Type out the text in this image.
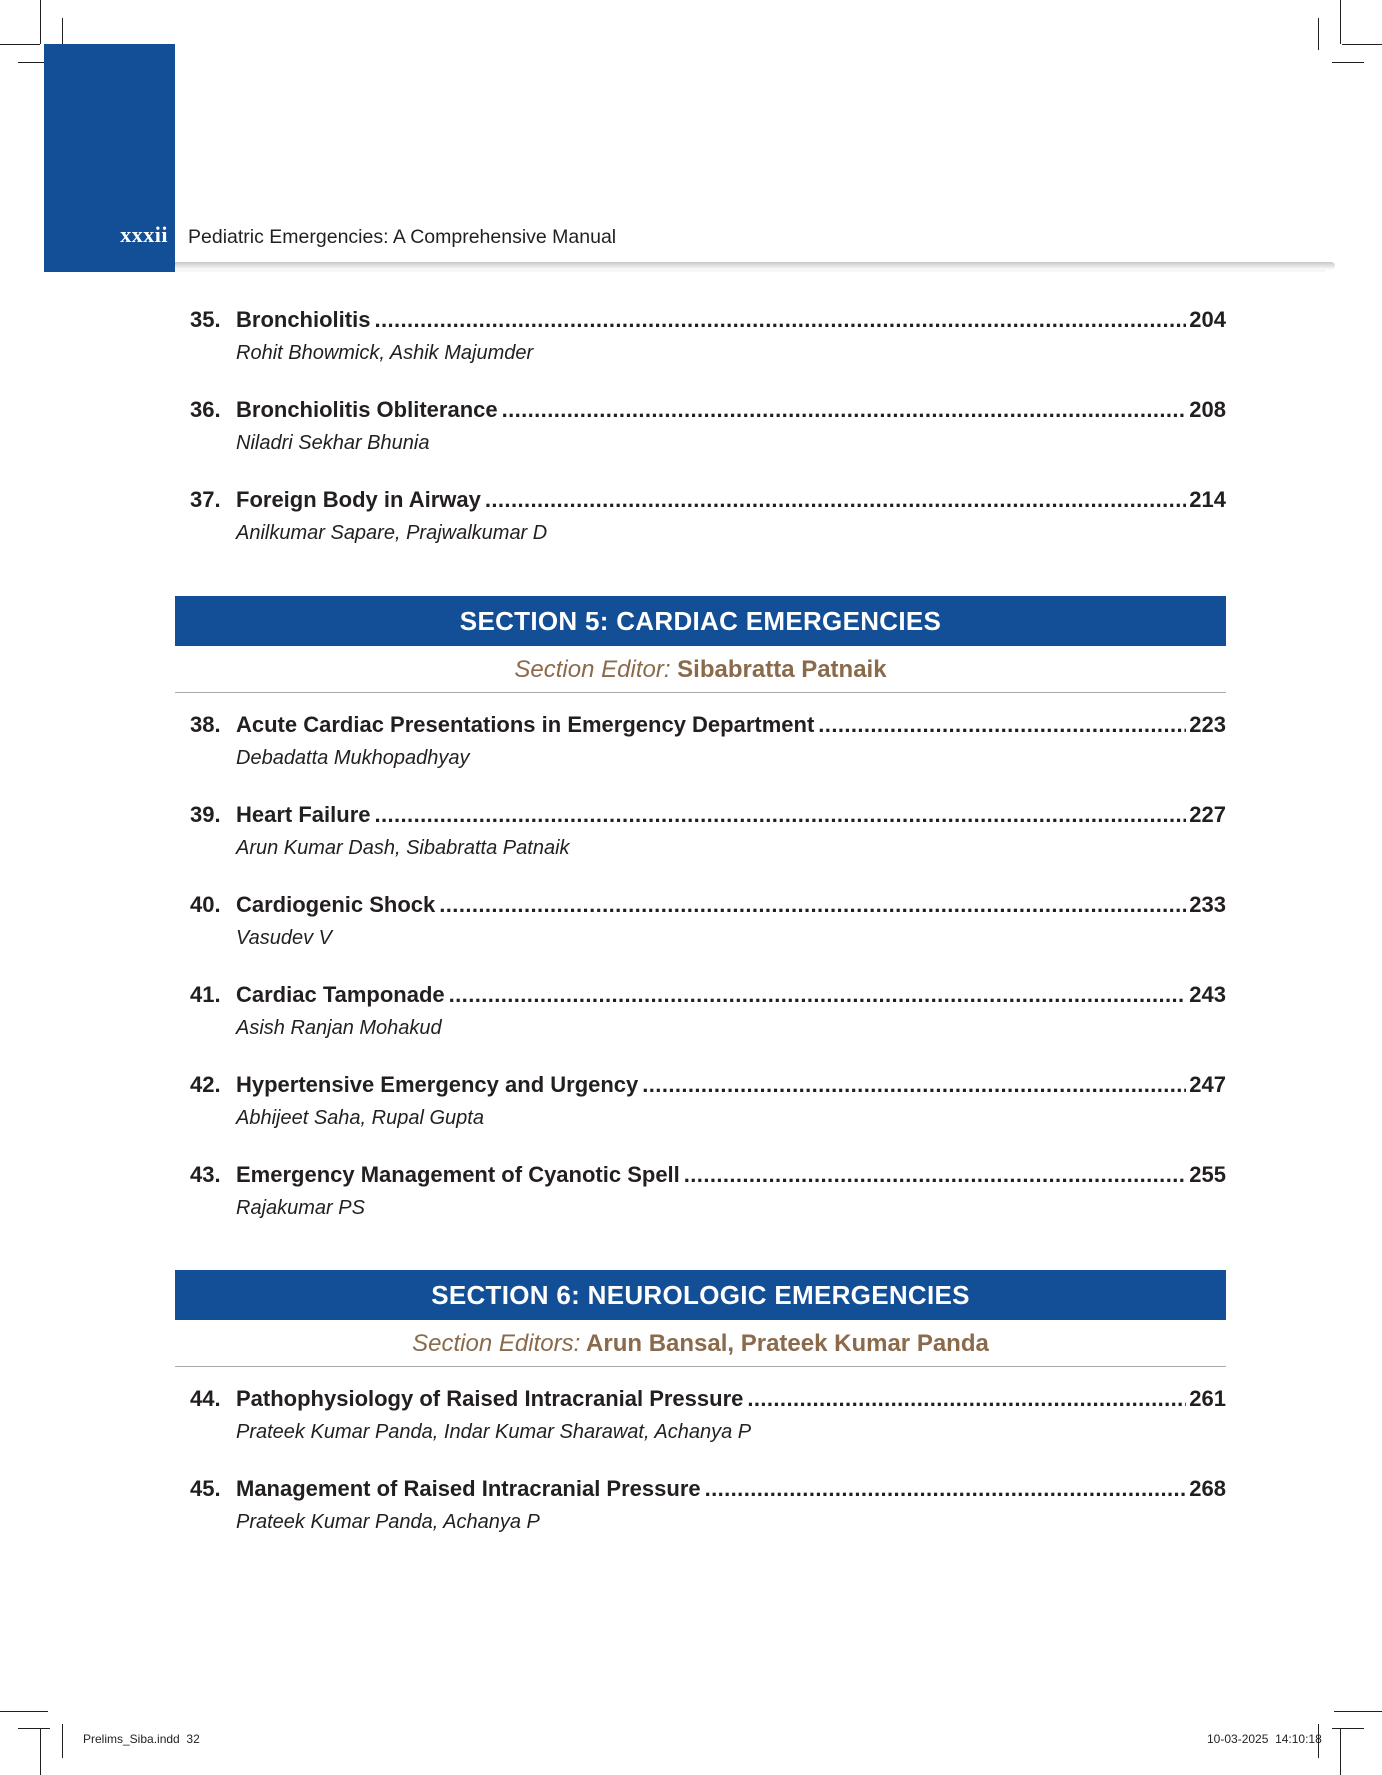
xxxii Pediatric Emergencies: A Comprehensive Manual
35. Bronchiolitis .....	204
Rohit Bhowmick, Ashik Majumder
36. Bronchiolitis Obliterance .....	208
Niladri Sekhar Bhunia
37. Foreign Body in Airway .....	214
Anilkumar Sapare, Prajwalkumar D
SECTION 5: CARDIAC EMERGENCIES
Section Editor: Sibabratta Patnaik
38. Acute Cardiac Presentations in Emergency Department .....	223
Debadatta Mukhopadhyay
39. Heart Failure .....	227
Arun Kumar Dash, Sibabratta Patnaik
40. Cardiogenic Shock .....	233
Vasudev V
41. Cardiac Tamponade .....	243
Asish Ranjan Mohakud
42. Hypertensive Emergency and Urgency .....	247
Abhijeet Saha, Rupal Gupta
43. Emergency Management of Cyanotic Spell .....	255
Rajakumar PS
SECTION 6: NEUROLOGIC EMERGENCIES
Section Editors: Arun Bansal, Prateek Kumar Panda
44. Pathophysiology of Raised Intracranial Pressure .....	261
Prateek Kumar Panda, Indar Kumar Sharawat, Achanya P
45. Management of Raised Intracranial Pressure .....	268
Prateek Kumar Panda, Achanya P
Prelims_Siba.indd 32	10-03-2025 14:10:18
